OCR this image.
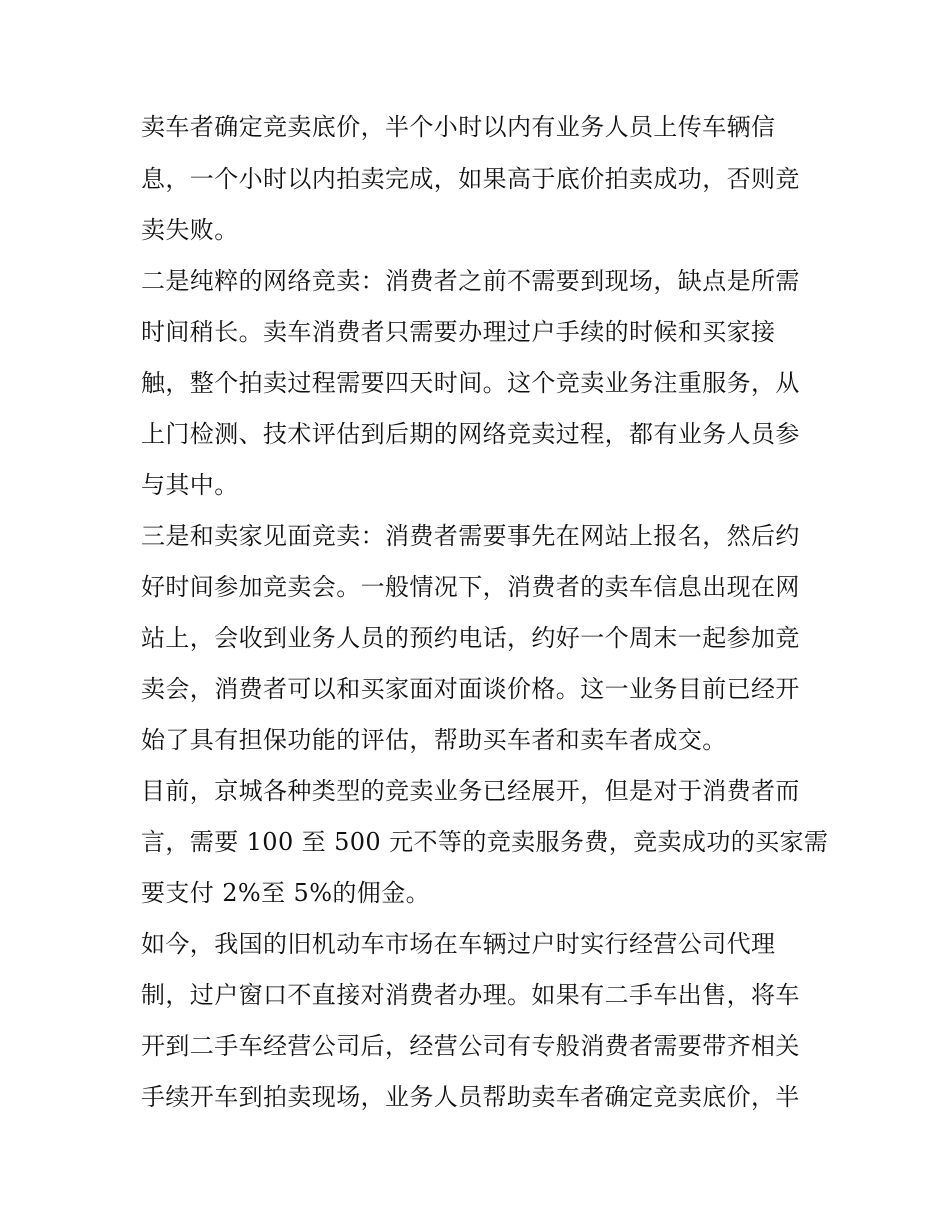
卖车者确定竞卖底价，半个小时以内有业务人员上传车辆信
息，一个小时以内拍卖完成，如果高于底价拍卖成功，否则竞
卖失败。
二是纯粹的网络竞卖：消费者之前不需要到现场，缺点是所需
时间稍长。卖车消费者只需要办理过户手续的时候和买家接
触，整个拍卖过程需要四天时间。这个竞卖业务注重服务，从
上门检测、技术评估到后期的网络竞卖过程，都有业务人员参
与其中。
三是和卖家见面竞卖：消费者需要事先在网站上报名，然后约
好时间参加竞卖会。一般情况下，消费者的卖车信息出现在网
站上，会收到业务人员的预约电话，约好一个周末一起参加竞
卖会，消费者可以和买家面对面谈价格。这一业务目前已经开
始了具有担保功能的评估，帮助买车者和卖车者成交。
目前，京城各种类型的竞卖业务已经展开，但是对于消费者而
言，需要 100 至 500 元不等的竞卖服务费，竞卖成功的买家需
要支付 2%至 5%的佣金。
如今，我国的旧机动车市场在车辆过户时实行经营公司代理
制，过户窗口不直接对消费者办理。如果有二手车出售，将车
开到二手车经营公司后，经营公司有专般消费者需要带齐相关
手续开车到拍卖现场，业务人员帮助卖车者确定竞卖底价，半
